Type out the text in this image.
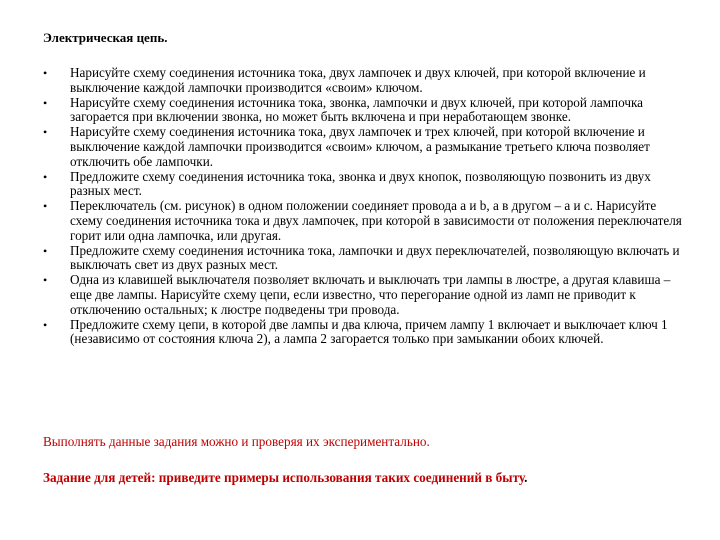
Электрическая цепь.
• Нарисуйте схему соединения источника тока, двух лампочек и двух ключей, при которой включение и выключение каждой лампочки производится «своим» ключом.
• Нарисуйте схему соединения источника тока, звонка, лампочки и двух ключей, при которой лампочка загорается при включении звонка, но может быть включена и при неработающем звонке.
• Нарисуйте схему соединения источника тока, двух лампочек и трех ключей, при которой включение и выключение каждой лампочки производится «своим» ключом, а размыкание третьего ключа позволяет отключить обе лампочки.
• Предложите схему соединения источника тока, звонка и двух кнопок, позволяющую позвонить из двух разных мест.
• Переключатель (см. рисунок) в одном положении соединяет провода а и b, а в другом – а и с. Нарисуйте схему соединения источника тока и двух лампочек, при которой в зависимости от положения переключателя горит или одна лампочка, или другая.
• Предложите схему соединения источника тока, лампочки и двух переключателей, позволяющую включать и выключать свет из двух разных мест.
• Одна из клавишей выключателя позволяет включать и выключать три лампы в люстре, а другая клавиша – еще две лампы. Нарисуйте схему цепи, если известно, что перегорание одной из ламп не приводит к отключению остальных; к люстре подведены три провода.
• Предложите схему цепи, в которой две лампы и два ключа, причем лампу 1 включает и выключает ключ 1 (независимо от состояния ключа 2), а лампа 2 загорается только при замыкании обоих ключей.

Выполнять данные задания можно и проверяя их экспериментально.

Задание для детей: приведите примеры использования таких соединений в быту.
